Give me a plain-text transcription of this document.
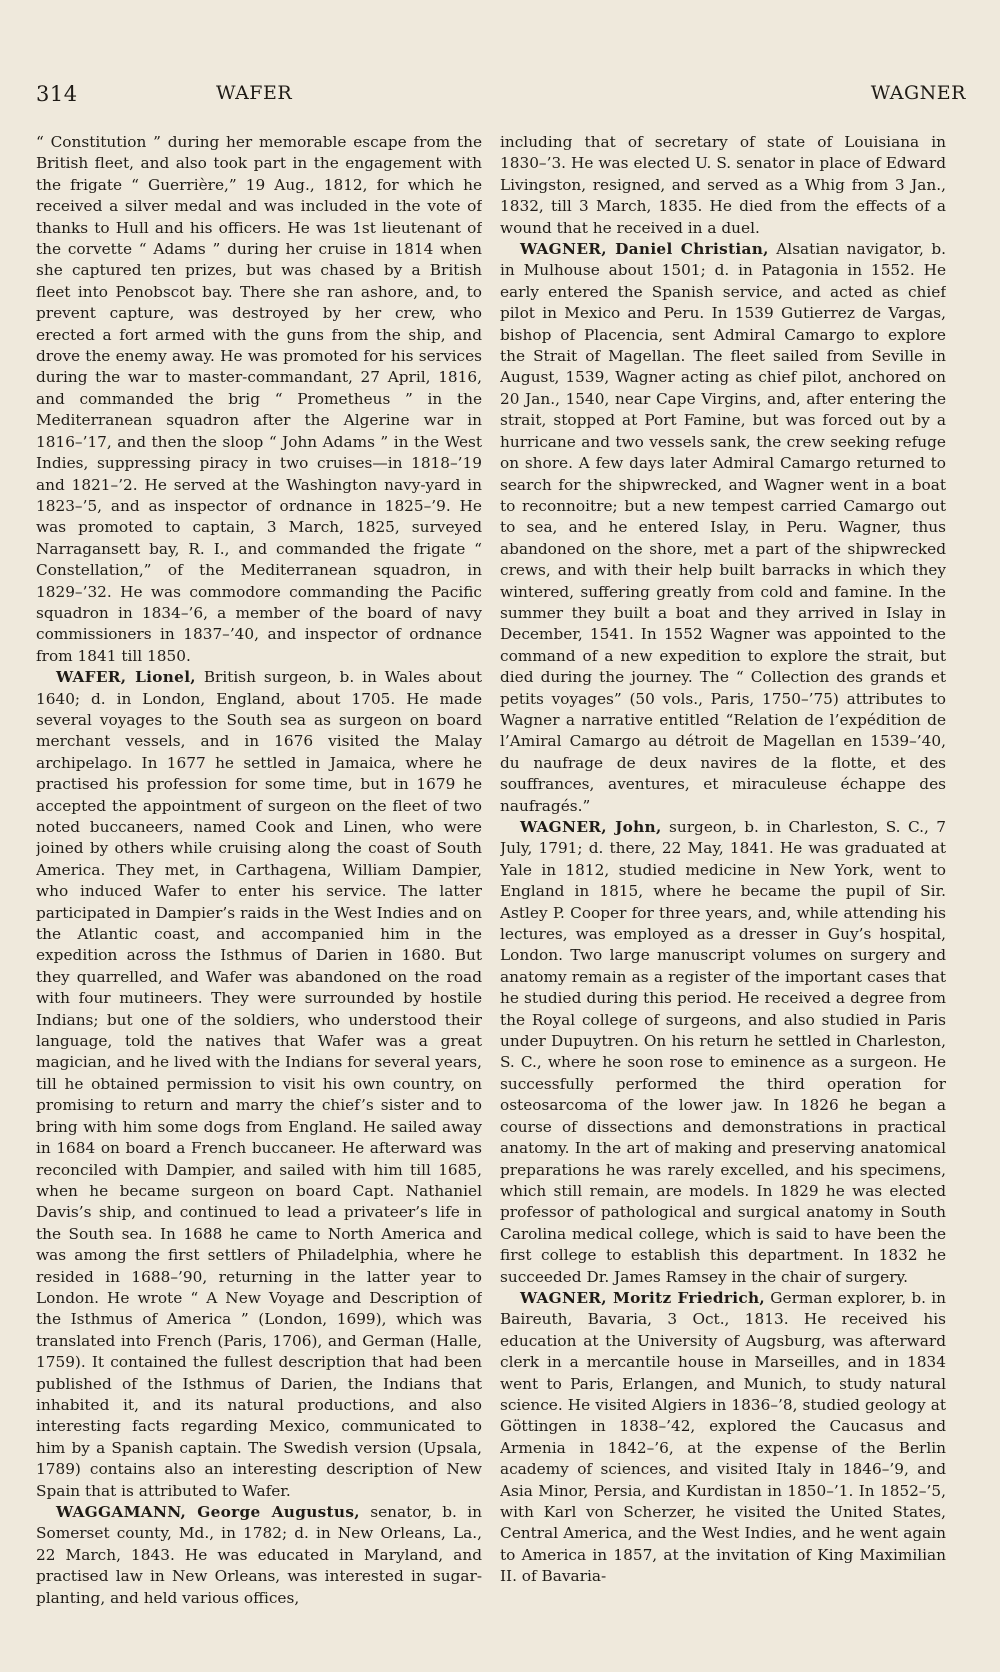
314	WAFER	WAGNER

“ Constitution ” during her memorable escape from the British fleet, and also took part in the engagement with the frigate “ Guerrière,” 19 Aug., 1812, for which he received a silver medal and was included in the vote of thanks to Hull and his officers. He was 1st lieutenant of the corvette “ Adams ” during her cruise in 1814 when she captured ten prizes, but was chased by a British fleet into Penobscot bay. There she ran ashore, and, to prevent capture, was destroyed by her crew, who erected a fort armed with the guns from the ship, and drove the enemy away. He was promoted for his services during the war to master-commandant, 27 April, 1816, and commanded the brig “ Prometheus ” in the Mediterranean squadron after the Algerine war in 1816–’17, and then the sloop “ John Adams ” in the West Indies, suppressing piracy in two cruises—in 1818–’19 and 1821–’2. He served at the Washington navy-yard in 1823–’5, and as inspector of ordnance in 1825–’9. He was promoted to captain, 3 March, 1825, surveyed Narragansett bay, R. I., and commanded the frigate “ Constellation,” of the Mediterranean squadron, in 1829–’32. He was commodore commanding the Pacific squadron in 1834–’6, a member of the board of navy commissioners in 1837–’40, and inspector of ordnance from 1841 till 1850.

WAFER, Lionel, British surgeon, b. in Wales about 1640; d. in London, England, about 1705. He made several voyages to the South sea as surgeon on board merchant vessels, and in 1676 visited the Malay archipelago. In 1677 he settled in Jamaica, where he practised his profession for some time, but in 1679 he accepted the appointment of surgeon on the fleet of two noted buccaneers, named Cook and Linen, who were joined by others while cruising along the coast of South America. They met, in Carthagena, William Dampier, who induced Wafer to enter his service. The latter participated in Dampier’s raids in the West Indies and on the Atlantic coast, and accompanied him in the expedition across the Isthmus of Darien in 1680. But they quarrelled, and Wafer was abandoned on the road with four mutineers. They were surrounded by hostile Indians; but one of the soldiers, who understood their language, told the natives that Wafer was a great magician, and he lived with the Indians for several years, till he obtained permission to visit his own country, on promising to return and marry the chief’s sister and to bring with him some dogs from England. He sailed away in 1684 on board a French buccaneer. He afterward was reconciled with Dampier, and sailed with him till 1685, when he became surgeon on board Capt. Nathaniel Davis’s ship, and continued to lead a privateer’s life in the South sea. In 1688 he came to North America and was among the first settlers of Philadelphia, where he resided in 1688–’90, returning in the latter year to London. He wrote “ A New Voyage and Description of the Isthmus of America ” (London, 1699), which was translated into French (Paris, 1706), and German (Halle, 1759). It contained the fullest description that had been published of the Isthmus of Darien, the Indians that inhabited it, and its natural productions, and also interesting facts regarding Mexico, communicated to him by a Spanish captain. The Swedish version (Upsala, 1789) contains also an interesting description of New Spain that is attributed to Wafer.

WAGGAMANN, George Augustus, senator, b. in Somerset county, Md., in 1782; d. in New Orleans, La., 22 March, 1843. He was educated in Maryland, and practised law in New Orleans, was interested in sugar-planting, and held various offices,

including that of secretary of state of Louisiana in 1830–’3. He was elected U. S. senator in place of Edward Livingston, resigned, and served as a Whig from 3 Jan., 1832, till 3 March, 1835. He died from the effects of a wound that he received in a duel.

WAGNER, Daniel Christian, Alsatian navigator, b. in Mulhouse about 1501; d. in Patagonia in 1552. He early entered the Spanish service, and acted as chief pilot in Mexico and Peru. In 1539 Gutierrez de Vargas, bishop of Placencia, sent Admiral Camargo to explore the Strait of Magellan. The fleet sailed from Seville in August, 1539, Wagner acting as chief pilot, anchored on 20 Jan., 1540, near Cape Virgins, and, after entering the strait, stopped at Port Famine, but was forced out by a hurricane and two vessels sank, the crew seeking refuge on shore. A few days later Admiral Camargo returned to search for the shipwrecked, and Wagner went in a boat to reconnoitre; but a new tempest carried Camargo out to sea, and he entered Islay, in Peru. Wagner, thus abandoned on the shore, met a part of the shipwrecked crews, and with their help built barracks in which they wintered, suffering greatly from cold and famine. In the summer they built a boat and they arrived in Islay in December, 1541. In 1552 Wagner was appointed to the command of a new expedition to explore the strait, but died during the journey. The “ Collection des grands et petits voyages” (50 vols., Paris, 1750–’75) attributes to Wagner a narrative entitled “Relation de l’expédition de l’Amiral Camargo au détroit de Magellan en 1539–’40, du naufrage de deux navires de la flotte, et des souffrances, aventures, et miraculeuse échappe des naufragés.”

WAGNER, John, surgeon, b. in Charleston, S. C., 7 July, 1791; d. there, 22 May, 1841. He was graduated at Yale in 1812, studied medicine in New York, went to England in 1815, where he became the pupil of Sir. Astley P. Cooper for three years, and, while attending his lectures, was employed as a dresser in Guy’s hospital, London. Two large manuscript volumes on surgery and anatomy remain as a register of the important cases that he studied during this period. He received a degree from the Royal college of surgeons, and also studied in Paris under Dupuytren. On his return he settled in Charleston, S. C., where he soon rose to eminence as a surgeon. He successfully performed the third operation for osteosarcoma of the lower jaw. In 1826 he began a course of dissections and demonstrations in practical anatomy. In the art of making and preserving anatomical preparations he was rarely excelled, and his specimens, which still remain, are models. In 1829 he was elected professor of pathological and surgical anatomy in South Carolina medical college, which is said to have been the first college to establish this department. In 1832 he succeeded Dr. James Ramsey in the chair of surgery.

WAGNER, Moritz Friedrich, German explorer, b. in Baireuth, Bavaria, 3 Oct., 1813. He received his education at the University of Augsburg, was afterward clerk in a mercantile house in Marseilles, and in 1834 went to Paris, Erlangen, and Munich, to study natural science. He visited Algiers in 1836–’8, studied geology at Göttingen in 1838–’42, explored the Caucasus and Armenia in 1842–’6, at the expense of the Berlin academy of sciences, and visited Italy in 1846–’9, and Asia Minor, Persia, and Kurdistan in 1850–’1. In 1852–’5, with Karl von Scherzer, he visited the United States, Central America, and the West Indies, and he went again to America in 1857, at the invitation of King Maximilian II. of Bavaria-
